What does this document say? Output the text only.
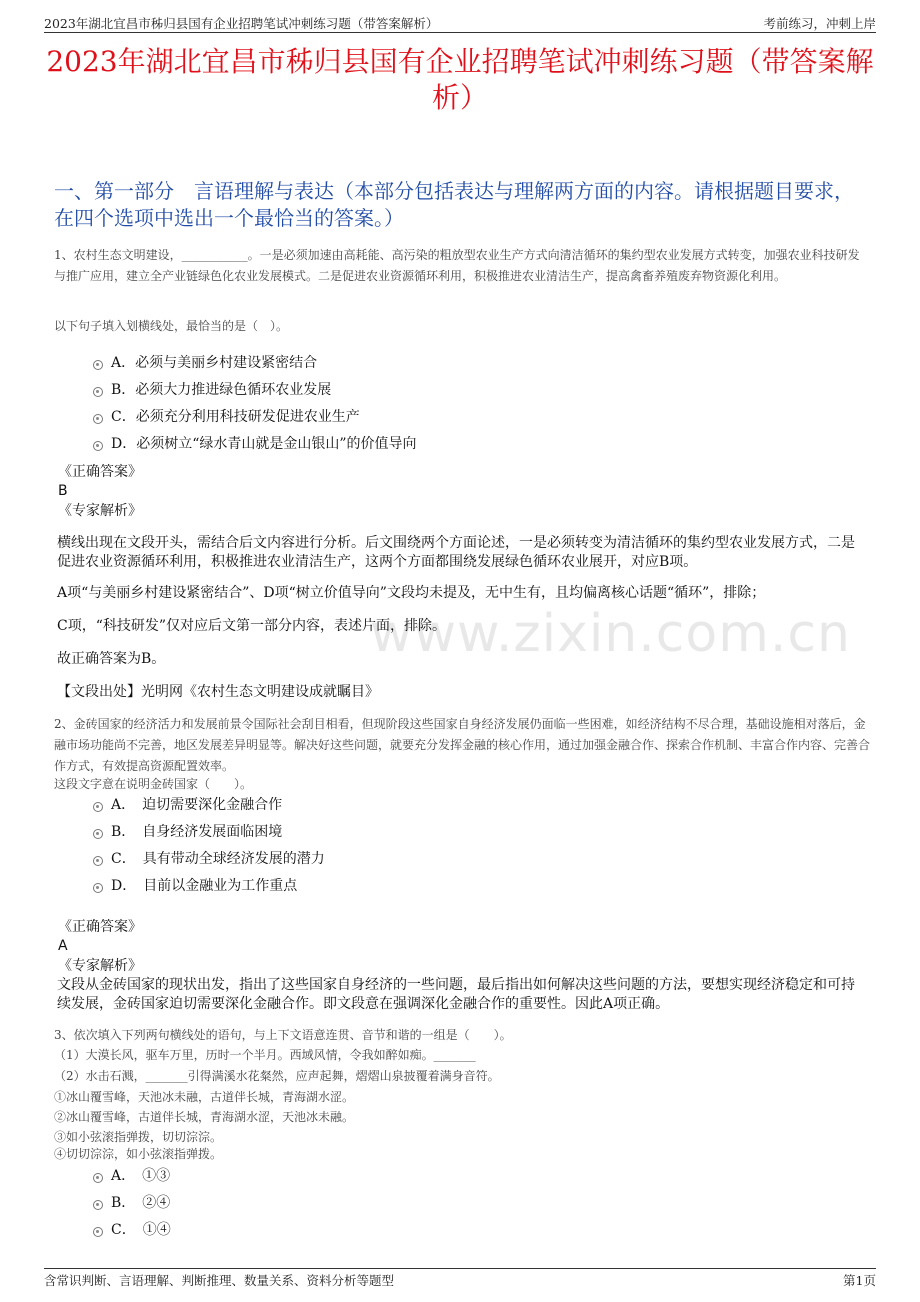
2023年湖北宜昌市秭归县国有企业招聘笔试冲刺练习题（带答案解析）	考前练习，冲刺上岸
2023年湖北宜昌市秭归县国有企业招聘笔试冲刺练习题（带答案解析）
一、第一部分　言语理解与表达（本部分包括表达与理解两方面的内容。请根据题目要求，在四个选项中选出一个最恰当的答案。）
www.zixin.com.cn
1、农村生态文明建设，___________。一是必须加速由高耗能、高污染的粗放型农业生产方式向清洁循环的集约型农业发展方式转变，加强农业科技研发与推广应用，建立全产业链绿色化农业发展模式。二是促进农业资源循环利用，积极推进农业清洁生产，提高禽畜养殖废弃物资源化利用。
以下句子填入划横线处，最恰当的是（　）。
A．必须与美丽乡村建设紧密结合
B．必须大力推进绿色循环农业发展
C．必须充分利用科技研发促进农业生产
D．必须树立“绿水青山就是金山银山”的价值导向
《正确答案》
B
《专家解析》
横线出现在文段开头，需结合后文内容进行分析。后文围绕两个方面论述，一是必须转变为清洁循环的集约型农业发展方式，二是促进农业资源循环利用，积极推进农业清洁生产，这两个方面都围绕发展绿色循环农业展开，对应B项。
A项“与美丽乡村建设紧密结合”、D项“树立价值导向”文段均未提及，无中生有，且均偏离核心话题“循环”，排除；
C项，“科技研发”仅对应后文第一部分内容，表述片面，排除。
故正确答案为B。
【文段出处】光明网《农村生态文明建设成就瞩目》
2、金砖国家的经济活力和发展前景令国际社会刮目相看，但现阶段这些国家自身经济发展仍面临一些困难，如经济结构不尽合理，基础设施相对落后，金融市场功能尚不完善，地区发展差异明显等。解决好这些问题，就要充分发挥金融的核心作用，通过加强金融合作、探索合作机制、丰富合作内容、完善合作方式，有效提高资源配置效率。
这段文字意在说明金砖国家（　　）。
A．　迫切需要深化金融合作
B．　自身经济发展面临困境
C．　具有带动全球经济发展的潜力
D．　目前以金融业为工作重点
《正确答案》
A
《专家解析》
文段从金砖国家的现状出发，指出了这些国家自身经济的一些问题，最后指出如何解决这些问题的方法，要想实现经济稳定和可持续发展，金砖国家迫切需要深化金融合作。即文段意在强调深化金融合作的重要性。因此A项正确。
3、依次填入下列两句横线处的语句，与上下文语意连贯、音节和谐的一组是（　　）。
（1）大漠长风，驱车万里，历时一个半月。西域风情，令我如醉如痴。_______
（2）水击石溅，_______引得满溪水花粲然，应声起舞，熠熠山泉披覆着满身音符。
①冰山覆雪峰，天池冰未融，古道伴长城，青海湖水涩。
②冰山覆雪峰，古道伴长城，青海湖水涩，天池冰未融。
③如小弦滚指弹拨，切切淙淙。
④切切淙淙，如小弦滚指弹拨。
A．　①③
B．　②④
C．　①④
含常识判断、言语理解、判断推理、数量关系、资料分析等题型	第1页
